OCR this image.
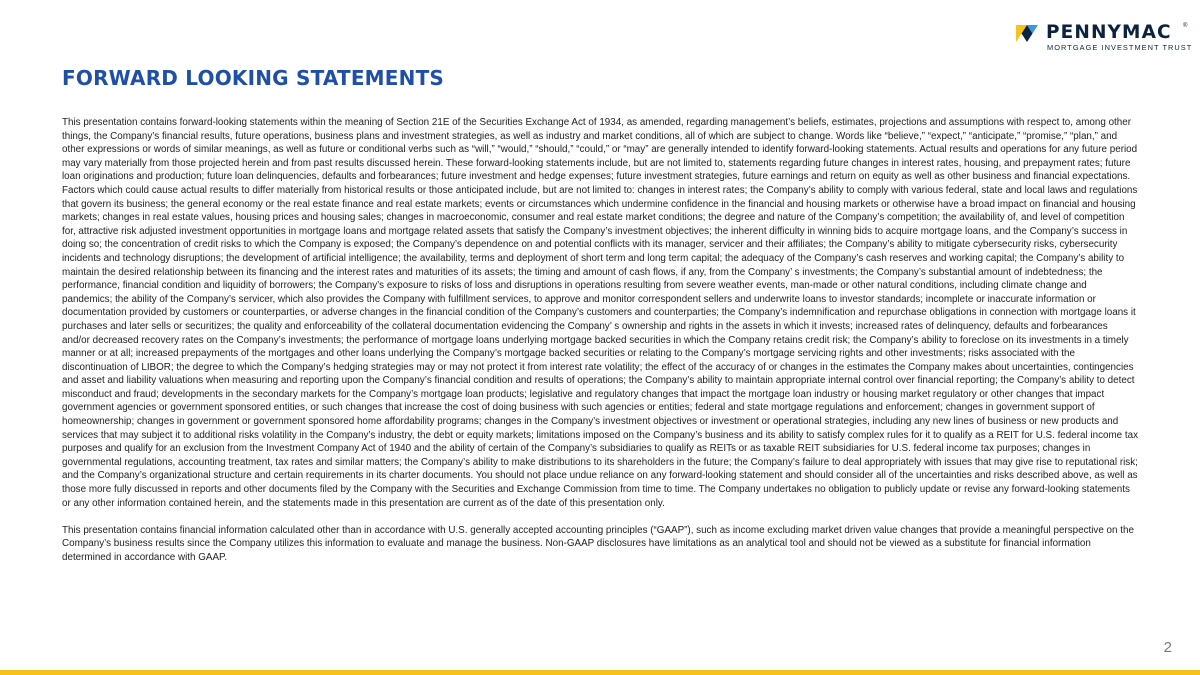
PENNYMAC ®
MORTGAGE INVESTMENT TRUST
FORWARD LOOKING STATEMENTS

This presentation contains forward-looking statements within the meaning of Section 21E of the Securities Exchange Act of 1934, as amended, regarding management’s beliefs, estimates, projections and assumptions with respect to, among other things, the Company’s financial results, future operations, business plans and investment strategies, as well as industry and market conditions, all of which are subject to change. Words like “believe,” “expect,” “anticipate,” “promise,” “plan,” and other expressions or words of similar meanings, as well as future or conditional verbs such as “will,” “would,” “should,” “could,” or “may” are generally intended to identify forward-looking statements. Actual results and operations for any future period may vary materially from those projected herein and from past results discussed herein. These forward-looking statements include, but are not limited to, statements regarding future changes in interest rates, housing, and prepayment rates; future loan originations and production; future loan delinquencies, defaults and forbearances; future investment and hedge expenses; future investment strategies, future earnings and return on equity as well as other business and financial expectations. Factors which could cause actual results to differ materially from historical results or those anticipated include, but are not limited to: changes in interest rates; the Company’s ability to comply with various federal, state and local laws and regulations that govern its business; the general economy or the real estate finance and real estate markets; events or circumstances which undermine confidence in the financial and housing markets or otherwise have a broad impact on financial and housing markets; changes in real estate values, housing prices and housing sales; changes in macroeconomic, consumer and real estate market conditions; the degree and nature of the Company’s competition; the availability of, and level of competition for, attractive risk adjusted investment opportunities in mortgage loans and mortgage related assets that satisfy the Company’s investment objectives; the inherent difficulty in winning bids to acquire mortgage loans, and the Company’s success in doing so; the concentration of credit risks to which the Company is exposed; the Company’s dependence on and potential conflicts with its manager, servicer and their affiliates; the Company’s ability to mitigate cybersecurity risks, cybersecurity incidents and technology disruptions; the development of artificial intelligence; the availability, terms and deployment of short term and long term capital; the adequacy of the Company’s cash reserves and working capital; the Company’s ability to maintain the desired relationship between its financing and the interest rates and maturities of its assets; the timing and amount of cash flows, if any, from the Company’ s investments; the Company’s substantial amount of indebtedness; the performance, financial condition and liquidity of borrowers; the Company’s exposure to risks of loss and disruptions in operations resulting from severe weather events, man-made or other natural conditions, including climate change and pandemics; the ability of the Company’s servicer, which also provides the Company with fulfillment services, to approve and monitor correspondent sellers and underwrite loans to investor standards; incomplete or inaccurate information or documentation provided by customers or counterparties, or adverse changes in the financial condition of the Company’s customers and counterparties; the Company’s indemnification and repurchase obligations in connection with mortgage loans it purchases and later sells or securitizes; the quality and enforceability of the collateral documentation evidencing the Company’ s ownership and rights in the assets in which it invests; increased rates of delinquency, defaults and forbearances and/or decreased recovery rates on the Company’s investments; the performance of mortgage loans underlying mortgage backed securities in which the Company retains credit risk; the Company’s ability to foreclose on its investments in a timely manner or at all; increased prepayments of the mortgages and other loans underlying the Company’s mortgage backed securities or relating to the Company’s mortgage servicing rights and other investments; risks associated with the discontinuation of LIBOR; the degree to which the Company’s hedging strategies may or may not protect it from interest rate volatility; the effect of the accuracy of or changes in the estimates the Company makes about uncertainties, contingencies and asset and liability valuations when measuring and reporting upon the Company’s financial condition and results of operations; the Company’s ability to maintain appropriate internal control over financial reporting; the Company’s ability to detect misconduct and fraud; developments in the secondary markets for the Company’s mortgage loan products; legislative and regulatory changes that impact the mortgage loan industry or housing market regulatory or other changes that impact government agencies or government sponsored entities, or such changes that increase the cost of doing business with such agencies or entities; federal and state mortgage regulations and enforcement; changes in government support of homeownership; changes in government or government sponsored home affordability programs; changes in the Company’s investment objectives or investment or operational strategies, including any new lines of business or new products and services that may subject it to additional risks volatility in the Company’s industry, the debt or equity markets; limitations imposed on the Company’s business and its ability to satisfy complex rules for it to qualify as a REIT for U.S. federal income tax purposes and qualify for an exclusion from the Investment Company Act of 1940 and the ability of certain of the Company’s subsidiaries to qualify as REITs or as taxable REIT subsidiaries for U.S. federal income tax purposes; changes in governmental regulations, accounting treatment, tax rates and similar matters; the Company’s ability to make distributions to its shareholders in the future; the Company’s failure to deal appropriately with issues that may give rise to reputational risk; and the Company’s organizational structure and certain requirements in its charter documents. You should not place undue reliance on any forward-looking statement and should consider all of the uncertainties and risks described above, as well as those more fully discussed in reports and other documents filed by the Company with the Securities and Exchange Commission from time to time. The Company undertakes no obligation to publicly update or revise any forward-looking statements or any other information contained herein, and the statements made in this presentation are current as of the date of this presentation only.

This presentation contains financial information calculated other than in accordance with U.S. generally accepted accounting principles (“GAAP”), such as income excluding market driven value changes that provide a meaningful perspective on the Company’s business results since the Company utilizes this information to evaluate and manage the business. Non-GAAP disclosures have limitations as an analytical tool and should not be viewed as a substitute for financial information determined in accordance with GAAP.

2
